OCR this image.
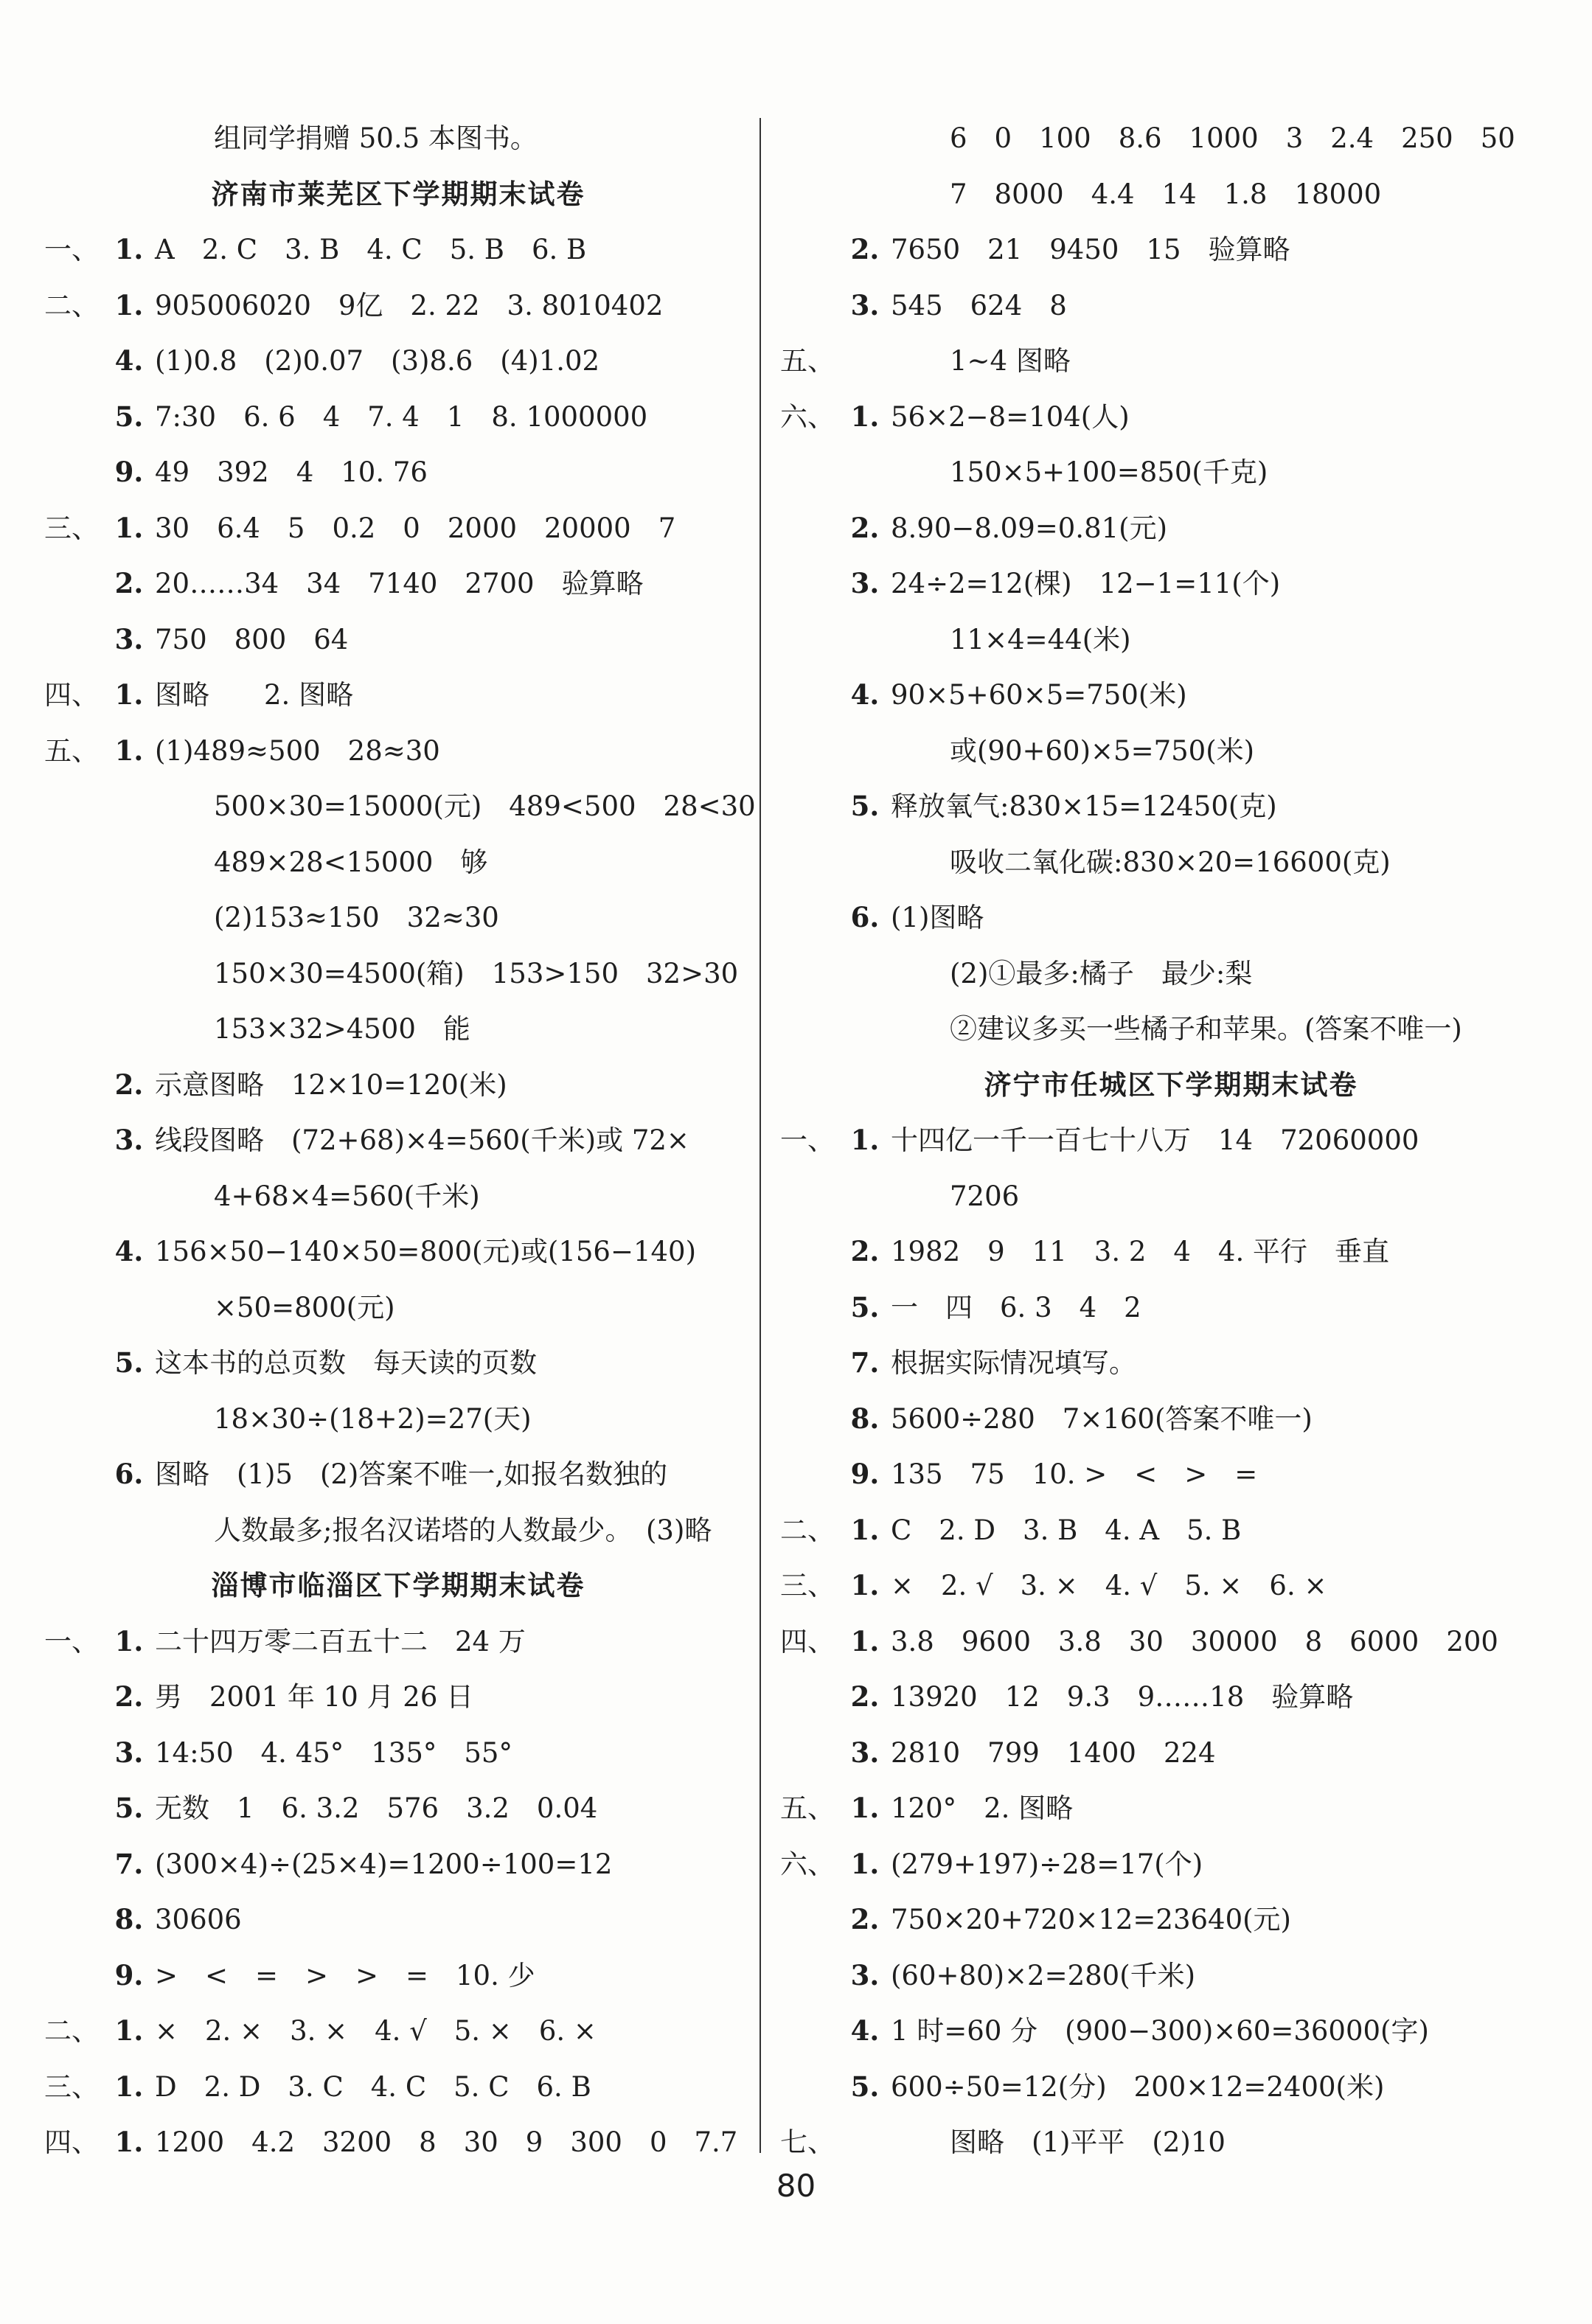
组同学捐赠 50.5 本图书。
济南市莱芜区下学期期末试卷
一、 1. A　2. C　3. B　4. C　5. B　6. B
二、 1. 905006020　9亿　2. 22　3. 8010402
4. (1)0.8　(2)0.07　(3)8.6　(4)1.02
5. 7:30　6. 6　4　7. 4　1　8. 1000000
9. 49　392　4　10. 76
三、 1. 30　6.4　5　0.2　0　2000　20000　7
2. 20……34　34　7140　2700　验算略
3. 750　800　64
四、 1. 图略　　2. 图略
五、 1. (1)489≈500　28≈30
500×30=15000(元)　489<500　28<30
489×28<15000　够
(2)153≈150　32≈30
150×30=4500(箱)　153>150　32>30
153×32>4500　能
2. 示意图略　12×10=120(米)
3. 线段图略　(72+68)×4=560(千米)或 72×
4+68×4=560(千米)
4. 156×50−140×50=800(元)或(156−140)
×50=800(元)
5. 这本书的总页数　每天读的页数
18×30÷(18+2)=27(天)
6. 图略　(1)5　(2)答案不唯一,如报名数独的
人数最多;报名汉诺塔的人数最少。　(3)略
淄博市临淄区下学期期末试卷
一、 1. 二十四万零二百五十二　24 万
2. 男　2001 年 10 月 26 日
3. 14:50　4. 45°　135°　55°
5. 无数　1　6. 3.2　576　3.2　0.04
7. (300×4)÷(25×4)=1200÷100=12
8. 30606
9. >　<　=　>　>　=　10. 少
二、 1. ×　2. ×　3. ×　4. √　5. ×　6. ×
三、 1. D　2. D　3. C　4. C　5. C　6. B
四、 1. 1200　4.2　3200　8　30　9　300　0　7.7
6　0　100　8.6　1000　3　2.4　250　50
7　8000　4.4　14　1.8　18000
2. 7650　21　9450　15　验算略
3. 545　624　8
五、	1~4 图略
六、 1. 56×2−8=104(人)
150×5+100=850(千克)
2. 8.90−8.09=0.81(元)
3. 24÷2=12(棵)　12−1=11(个)
11×4=44(米)
4. 90×5+60×5=750(米)
或(90+60)×5=750(米)
5. 释放氧气:830×15=12450(克)
吸收二氧化碳:830×20=16600(克)
6. (1)图略
(2)①最多:橘子　最少:梨
②建议多买一些橘子和苹果。(答案不唯一)
济宁市任城区下学期期末试卷
一、 1. 十四亿一千一百七十八万　14　72060000
7206
2. 1982　9　11　3. 2　4　4. 平行　垂直
5. 一　四　6. 3　4　2
7. 根据实际情况填写。
8. 5600÷280　7×160(答案不唯一)
9. 135　75　10. >　<　>　=
二、 1. C　2. D　3. B　4. A　5. B
三、 1. ×　2. √　3. ×　4. √　5. ×　6. ×
四、 1. 3.8　9600　3.8　30　30000　8　6000　200
2. 13920　12　9.3　9……18　验算略
3. 2810　799　1400　224
五、 1. 120°　2. 图略
六、 1. (279+197)÷28=17(个)
2. 750×20+720×12=23640(元)
3. (60+80)×2=280(千米)
4. 1 时=60 分　(900−300)×60=36000(字)
5. 600÷50=12(分)　200×12=2400(米)
七、	图略　(1)平平　(2)10
80
